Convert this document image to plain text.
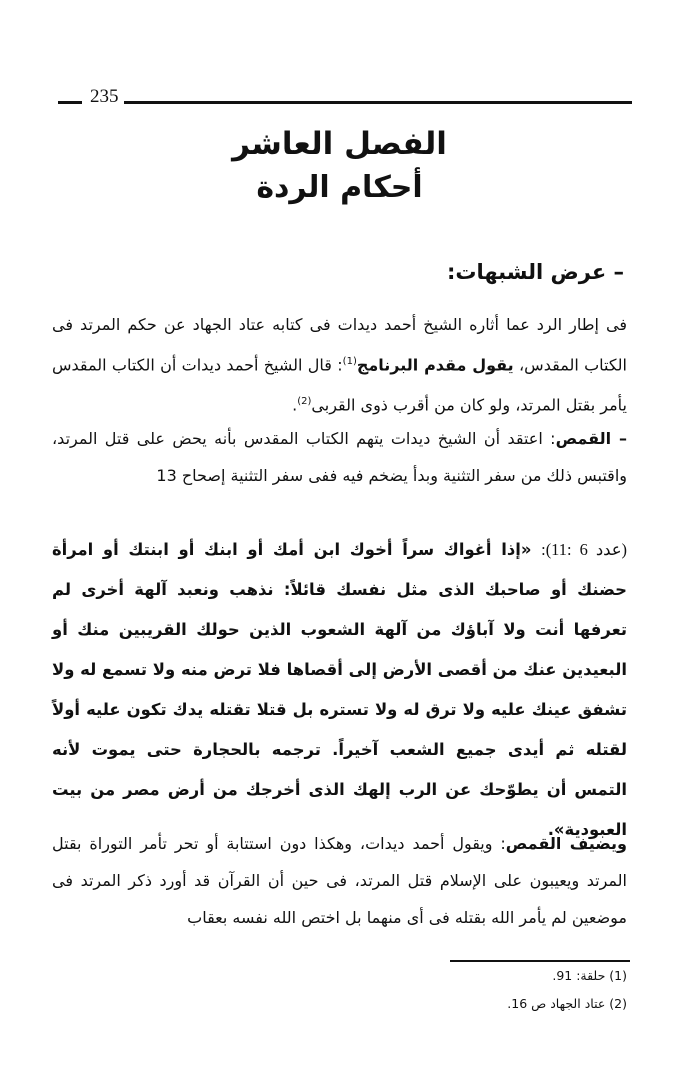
235
الفصل العاشر
أحكام الردة
– عرض الشبهات:
فى إطار الرد عما أثاره الشيخ أحمد ديدات فى كتابه عتاد الجهاد عن حكم المرتد فى الكتاب المقدس، يقول مقدم البرنامج$^{(1)}$: قال الشيخ أحمد ديدات أن الكتاب المقدس يأمر بقتل المرتد، ولو كان من أقرب ذوى القربى$^{(2)}$.
– القمص: اعتقد أن الشيخ ديدات يتهم الكتاب المقدس بأنه يحض على قتل المرتد، واقتبس ذلك من سفر التثنية وبدأ يضخم فيه ففى سفر التثنية إصحاح 13
(عدد 6 :11): «إذا أغواك سراً أخوك ابن أمك أو ابنك أو ابنتك أو امرأة حضنك أو صاحبك الذى مثل نفسك قائلاً: نذهب ونعبد آلهة أخرى لم تعرفها أنت ولا آباؤك من آلهة الشعوب الذين حولك القريبين منك أو البعيدين عنك من أقصى الأرض إلى أقصاها فلا ترض منه ولا تسمع له ولا تشفق عينك عليه ولا ترق له ولا تستره بل قتلا تقتله يدك تكون عليه أولاً لقتله ثم أيدى جميع الشعب آخيراً. ترجمه بالحجارة حتى يموت لأنه التمس أن يطوّحك عن الرب إلهك الذى أخرجك من أرض مصر من بيت العبودية».
ويضيف القمص: ويقول أحمد ديدات، وهكذا دون استتابة أو تحر تأمر التوراة بقتل المرتد ويعيبون على الإسلام قتل المرتد، فى حين أن القرآن قد أورد ذكر المرتد فى موضعين لم يأمر الله بقتله فى أى منهما بل اختص الله نفسه بعقاب
(1) حلقة: 91.
(2) عتاد الجهاد ص 16.
